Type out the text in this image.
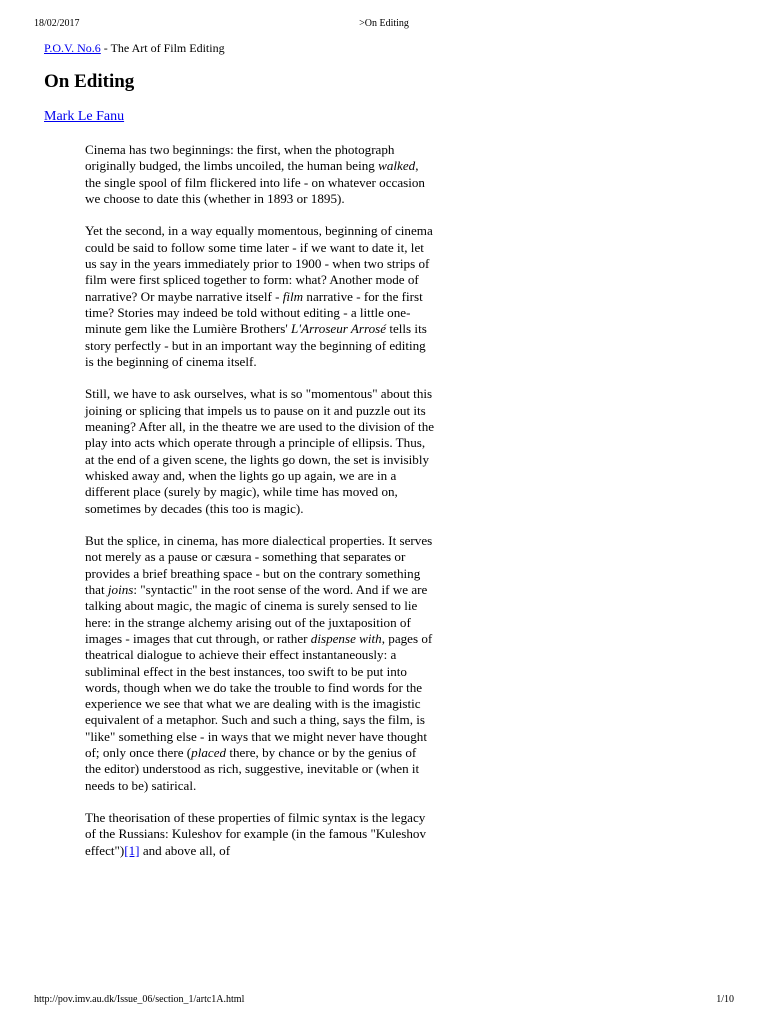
18/02/2017	>On Editing
P.O.V. No.6 - The Art of Film Editing
On Editing
Mark Le Fanu

Cinema has two beginnings: the first, when the photograph originally budged, the limbs uncoiled, the human being walked, the single spool of film flickered into life - on whatever occasion we choose to date this (whether in 1893 or 1895).

Yet the second, in a way equally momentous, beginning of cinema could be said to follow some time later - if we want to date it, let us say in the years immediately prior to 1900 - when two strips of film were first spliced together to form: what? Another mode of narrative? Or maybe narrative itself - film narrative - for the first time? Stories may indeed be told without editing - a little one-minute gem like the Lumière Brothers' L'Arroseur Arrosé tells its story perfectly - but in an important way the beginning of editing is the beginning of cinema itself.

Still, we have to ask ourselves, what is so "momentous" about this joining or splicing that impels us to pause on it and puzzle out its meaning? After all, in the theatre we are used to the division of the play into acts which operate through a principle of ellipsis. Thus, at the end of a given scene, the lights go down, the set is invisibly whisked away and, when the lights go up again, we are in a different place (surely by magic), while time has moved on, sometimes by decades (this too is magic).

But the splice, in cinema, has more dialectical properties. It serves not merely as a pause or cæsura - something that separates or provides a brief breathing space - but on the contrary something that joins: "syntactic" in the root sense of the word. And if we are talking about magic, the magic of cinema is surely sensed to lie here: in the strange alchemy arising out of the juxtaposition of images - images that cut through, or rather dispense with, pages of theatrical dialogue to achieve their effect instantaneously: a subliminal effect in the best instances, too swift to be put into words, though when we do take the trouble to find words for the experience we see that what we are dealing with is the imagistic equivalent of a metaphor. Such and such a thing, says the film, is "like" something else - in ways that we might never have thought of; only once there (placed there, by chance or by the genius of the editor) understood as rich, suggestive, inevitable or (when it needs to be) satirical.

The theorisation of these properties of filmic syntax is the legacy of the Russians: Kuleshov for example (in the famous "Kuleshov effect")[1] and above all, of

http://pov.imv.au.dk/Issue_06/section_1/artc1A.html	1/10
